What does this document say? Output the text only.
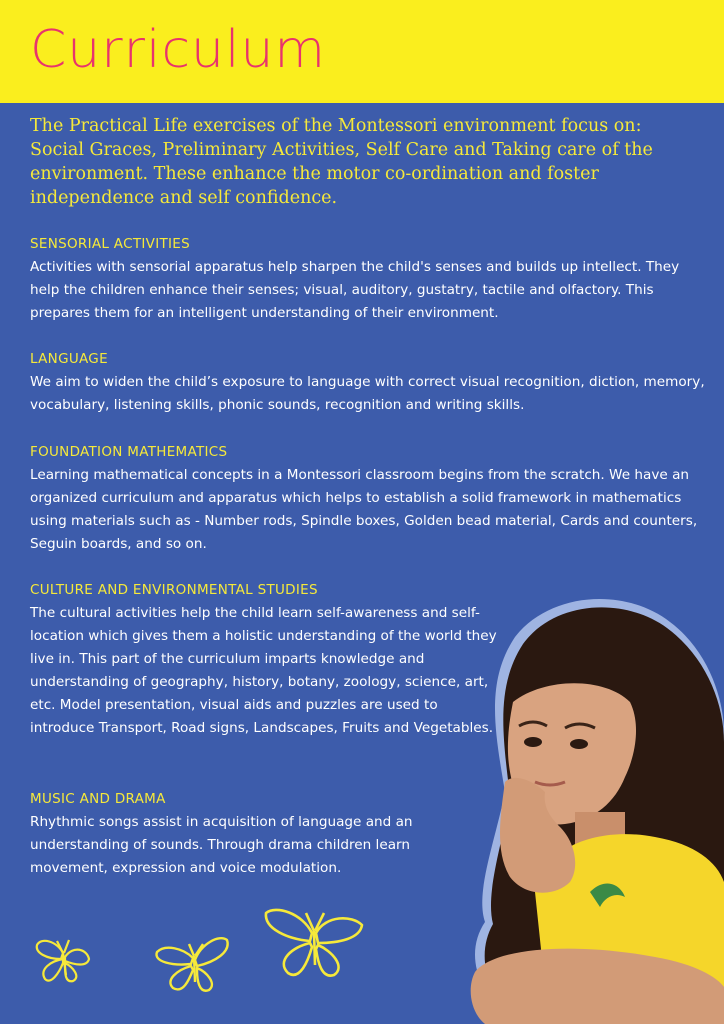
Curriculum

The Practical Life exercises of the Montessori environment focus on: Social Graces, Preliminary Activities, Self Care and Taking care of the environment. These enhance the motor co-ordination and foster independence and self confidence.

SENSORIAL ACTIVITIES

Activities with sensorial apparatus help sharpen the child's senses and builds up intellect. They help the children enhance their senses; visual, auditory, gustatry, tactile and olfactory. This prepares them for an intelligent understanding of their environment.

LANGUAGE

We aim to widen the child’s exposure to language with correct visual recognition, diction, memory, vocabulary, listening skills, phonic sounds, recognition and writing skills.

FOUNDATION MATHEMATICS

Learning mathematical concepts in a Montessori classroom begins from the scratch. We have an organized curriculum and apparatus which helps to establish a solid framework in mathematics using materials such as - Number rods, Spindle boxes, Golden bead material, Cards and counters, Seguin boards, and so on.

CULTURE AND ENVIRONMENTAL STUDIES

The cultural activities help the child learn self-awareness and self-location which gives them a holistic understanding of the world they live in. This part of the curriculum imparts knowledge and understanding of geography, history, botany, zoology, science, art, etc. Model presentation, visual aids and puzzles are used to introduce Transport, Road signs, Landscapes, Fruits and Vegetables.

MUSIC AND DRAMA

Rhythmic songs assist in acquisition of language and an understanding of sounds. Through drama children learn movement, expression and voice modulation.
